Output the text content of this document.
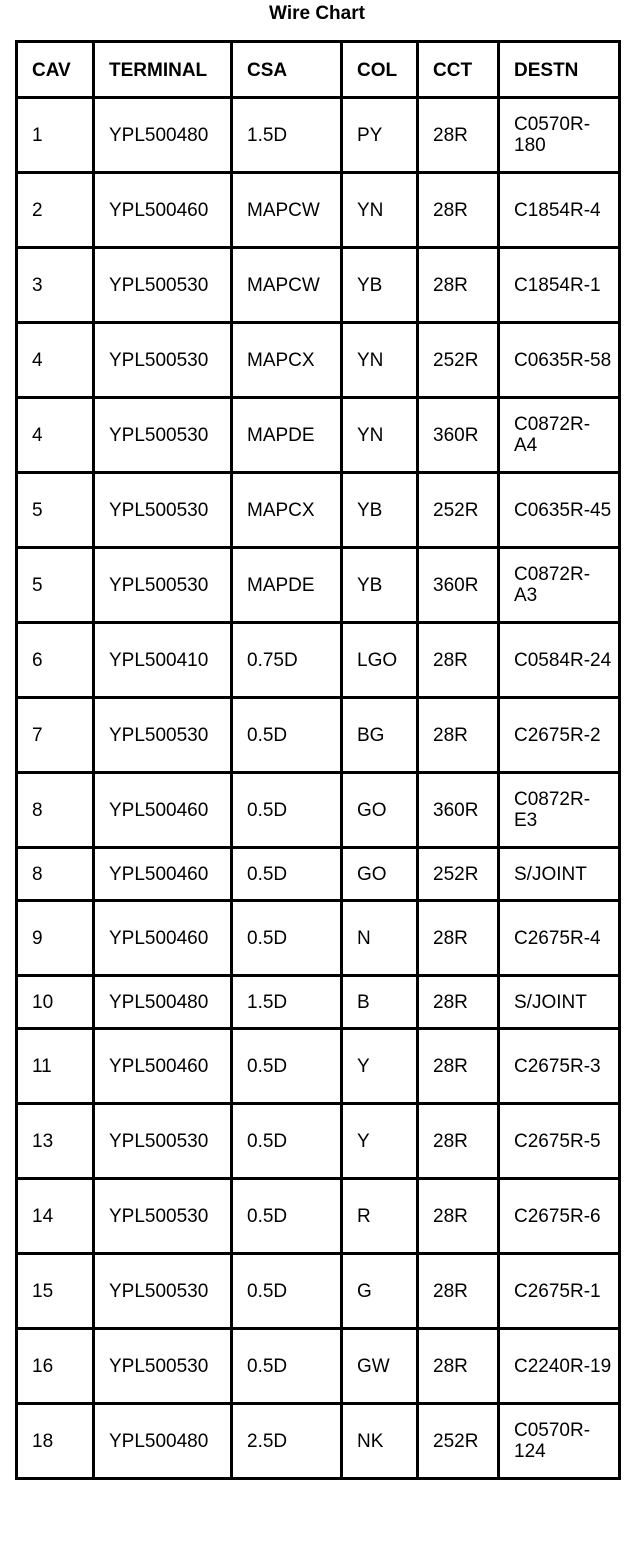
Wire Chart
CAV	TERMINAL	CSA	COL	CCT	DESTN
1	YPL500480	1.5D	PY	28R	C0570R-180
2	YPL500460	MAPCW	YN	28R	C1854R-4
3	YPL500530	MAPCW	YB	28R	C1854R-1
4	YPL500530	MAPCX	YN	252R	C0635R-58
4	YPL500530	MAPDE	YN	360R	C0872R-A4
5	YPL500530	MAPCX	YB	252R	C0635R-45
5	YPL500530	MAPDE	YB	360R	C0872R-A3
6	YPL500410	0.75D	LGO	28R	C0584R-24
7	YPL500530	0.5D	BG	28R	C2675R-2
8	YPL500460	0.5D	GO	360R	C0872R-E3
8	YPL500460	0.5D	GO	252R	S/JOINT
9	YPL500460	0.5D	N	28R	C2675R-4
10	YPL500480	1.5D	B	28R	S/JOINT
11	YPL500460	0.5D	Y	28R	C2675R-3
13	YPL500530	0.5D	Y	28R	C2675R-5
14	YPL500530	0.5D	R	28R	C2675R-6
15	YPL500530	0.5D	G	28R	C2675R-1
16	YPL500530	0.5D	GW	28R	C2240R-19
18	YPL500480	2.5D	NK	252R	C0570R-124
